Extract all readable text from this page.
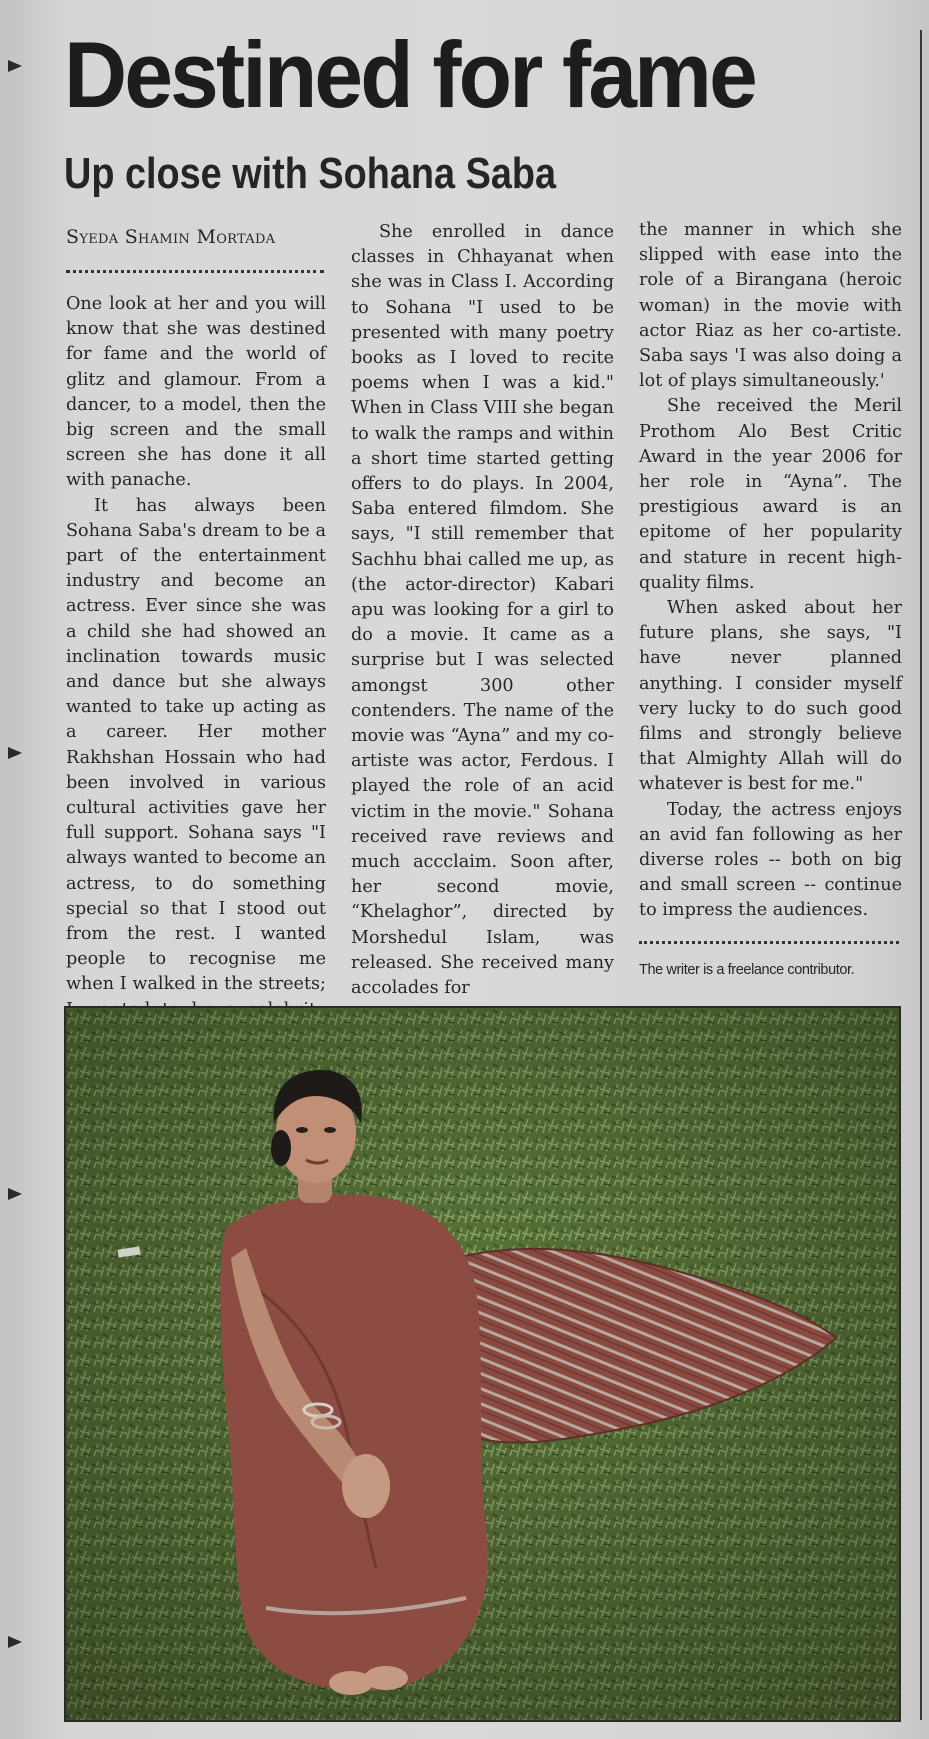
Destined for fame
Up close with Sohana Saba
Syeda Shamin Mortada

One look at her and you will know that she was destined for fame and the world of glitz and glamour. From a dancer, to a model, then the big screen and the small screen she has done it all with panache.

It has always been Sohana Saba's dream to be a part of the entertainment industry and become an actress. Ever since she was a child she had showed an inclination towards music and dance but she always wanted to take up acting as a career. Her mother Rakhshan Hossain who had been involved in various cultural activities gave her full support. Sohana says "I always wanted to become an actress, to do something special so that I stood out from the rest. I wanted people to recognise me when I walked in the streets;

She enrolled in dance classes in Chhayanat when she was in Class I. According to Sohana "I used to be presented with many poetry books as I loved to recite poems when I was a kid." When in Class VIII she began to walk the ramps and within a short time started getting offers to do plays. In 2004, Saba entered filmdom. She says, "I still remember that Sachhu bhai called me up, as (the actor-director) Kabari apu was looking for a girl to do a movie. It came as a surprise but I was selected amongst 300 other contenders. The name of the movie was “Ayna” and my co-artiste was actor, Ferdous. I played the role of an acid victim in the movie." Sohana received rave reviews and much accclaim. Soon after, her second movie, “Khelaghor”, directed by Morshedul Islam, was released. She received many accolades for

the manner in which she slipped with ease into the role of a Birangana (heroic woman) in the movie with actor Riaz as her co-artiste. Saba says 'I was also doing a lot of plays simultaneously.'

She received the Meril Prothom Alo Best Critic Award in the year 2006 for her role in “Ayna”. The prestigious award is an epitome of her popularity and stature in recent high-quality films.

When asked about her future plans, she says, "I have never planned anything. I consider myself very lucky to do such good films and strongly believe that Almighty Allah will do whatever is best for me."

Today, the actress enjoys an avid fan following as her diverse roles -- both on big and small screen -- continue to impress the audiences.

The writer is a freelance contributor.
